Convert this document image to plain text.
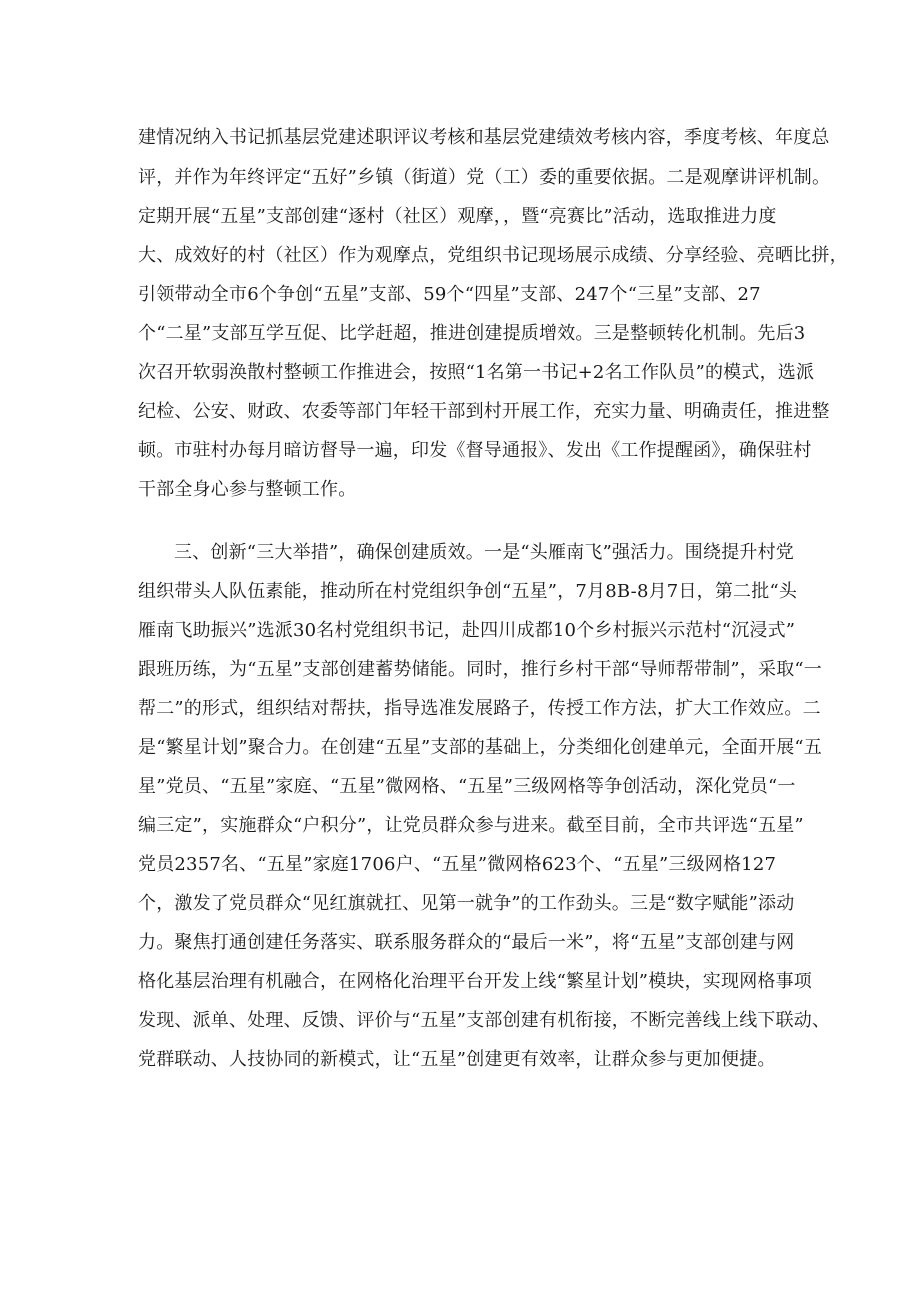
建情况纳入书记抓基层党建述职评议考核和基层党建绩效考核内容，季度考核、年度总
评，并作为年终评定“五好”乡镇（街道）党（工）委的重要依据。二是观摩讲评机制。
定期开展“五星”支部创建“逐村（社区）观摩，，暨“亮赛比”活动，选取推进力度
大、成效好的村（社区）作为观摩点，党组织书记现场展示成绩、分享经验、亮晒比拼，
引领带动全市6个争创“五星”支部、59个“四星”支部、247个“三星”支部、27
个“二星”支部互学互促、比学赶超，推进创建提质增效。三是整顿转化机制。先后3
次召开软弱涣散村整顿工作推进会，按照“1名第一书记+2名工作队员”的模式，选派
纪检、公安、财政、农委等部门年轻干部到村开展工作，充实力量、明确责任，推进整
顿。市驻村办每月暗访督导一遍，印发《督导通报》、发出《工作提醒函》，确保驻村
干部全身心参与整顿工作。
三、创新“三大举措”，确保创建质效。一是“头雁南飞”强活力。围绕提升村党
组织带头人队伍素能，推动所在村党组织争创“五星”，7月8B-8月7日，第二批“头
雁南飞助振兴”选派30名村党组织书记，赴四川成都10个乡村振兴示范村“沉浸式”
跟班历练，为“五星”支部创建蓄势储能。同时，推行乡村干部“导师帮带制”，采取“一
帮二”的形式，组织结对帮扶，指导选准发展路子，传授工作方法，扩大工作效应。二
是“繁星计划”聚合力。在创建“五星”支部的基础上，分类细化创建单元，全面开展“五
星”党员、“五星”家庭、“五星”微网格、“五星”三级网格等争创活动，深化党员“一
编三定”，实施群众“户积分”，让党员群众参与进来。截至目前，全市共评选“五星”
党员2357名、“五星”家庭1706户、“五星”微网格623个、“五星”三级网格127
个，激发了党员群众“见红旗就扛、见第一就争”的工作劲头。三是“数字赋能”添动
力。聚焦打通创建任务落实、联系服务群众的“最后一米”，将“五星”支部创建与网
格化基层治理有机融合，在网格化治理平台开发上线“繁星计划”模块，实现网格事项
发现、派单、处理、反馈、评价与“五星”支部创建有机衔接，不断完善线上线下联动、
党群联动、人技协同的新模式，让“五星”创建更有效率，让群众参与更加便捷。
